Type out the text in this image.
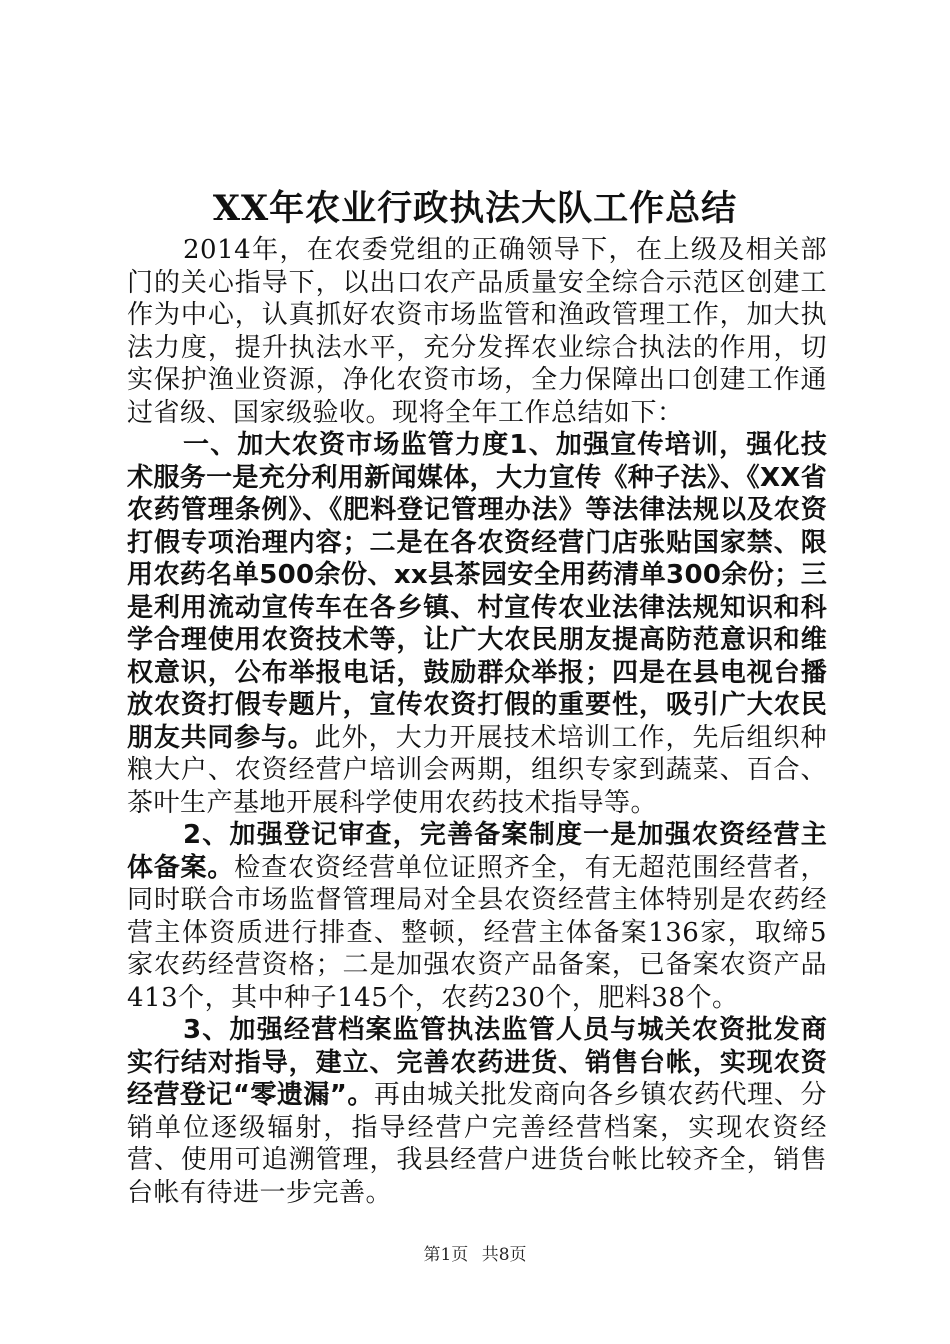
XX年农业行政执法大队工作总结

2014年，在农委党组的正确领导下，在上级及相关部门的关心指导下，以出口农产品质量安全综合示范区创建工作为中心，认真抓好农资市场监管和渔政管理工作，加大执法力度，提升执法水平，充分发挥农业综合执法的作用，切实保护渔业资源，净化农资市场，全力保障出口创建工作通过省级、国家级验收。现将全年工作总结如下：

一、加大农资市场监管力度1、加强宣传培训，强化技术服务一是充分利用新闻媒体，大力宣传《种子法》、《XX省农药管理条例》、《肥料登记管理办法》等法律法规以及农资打假专项治理内容；二是在各农资经营门店张贴国家禁、限用农药名单500余份、xx县茶园安全用药清单300余份；三是利用流动宣传车在各乡镇、村宣传农业法律法规知识和科学合理使用农资技术等，让广大农民朋友提高防范意识和维权意识，公布举报电话，鼓励群众举报；四是在县电视台播放农资打假专题片，宣传农资打假的重要性，吸引广大农民朋友共同参与。此外，大力开展技术培训工作，先后组织种粮大户、农资经营户培训会两期，组织专家到蔬菜、百合、茶叶生产基地开展科学使用农药技术指导等。

2、加强登记审查，完善备案制度一是加强农资经营主体备案。检查农资经营单位证照齐全，有无超范围经营者，同时联合市场监督管理局对全县农资经营主体特别是农药经营主体资质进行排查、整顿，经营主体备案136家，取缔5家农药经营资格；二是加强农资产品备案，已备案农资产品413个，其中种子145个，农药230个，肥料38个。

3、加强经营档案监管执法监管人员与城关农资批发商实行结对指导，建立、完善农药进货、销售台帐，实现农资经营登记“零遗漏”。再由城关批发商向各乡镇农药代理、分销单位逐级辐射，指导经营户完善经营档案，实现农资经营、使用可追溯管理，我县经营户进货台帐比较齐全，销售台帐有待进一步完善。

第1页 共8页
